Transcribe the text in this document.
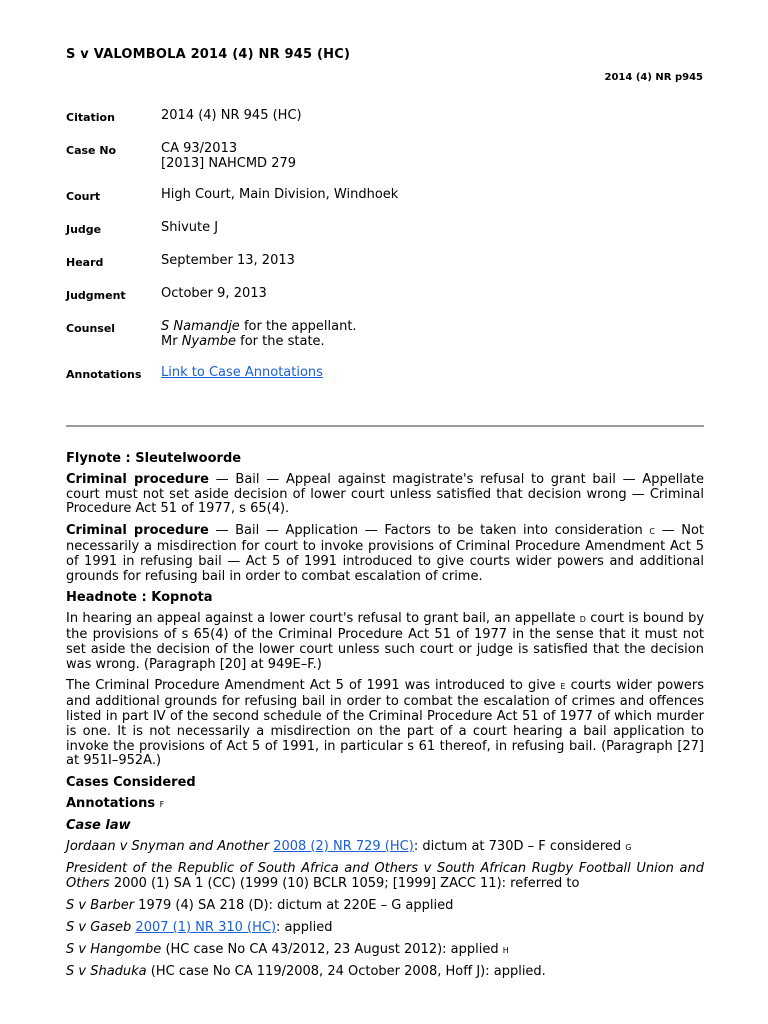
S v VALOMBOLA 2014 (4) NR 945 (HC)
2014 (4) NR p945
Citation	2014 (4) NR 945 (HC)
Case No	CA 93/2013
[2013] NAHCMD 279
Court	High Court, Main Division, Windhoek
Judge	Shivute J
Heard	September 13, 2013
Judgment	October 9, 2013
Counsel	S Namandje for the appellant.
Mr Nyambe for the state.
Annotations	Link to Case Annotations
Flynote : Sleutelwoorde

Criminal procedure — Bail — Appeal against magistrate's refusal to grant bail — Appellate court must not set aside decision of lower court unless satisfied that decision wrong — Criminal Procedure Act 51 of 1977, s 65(4).

Criminal procedure — Bail — Application — Factors to be taken into consideration C — Not necessarily a misdirection for court to invoke provisions of Criminal Procedure Amendment Act 5 of 1991 in refusing bail — Act 5 of 1991 introduced to give courts wider powers and additional grounds for refusing bail in order to combat escalation of crime.

Headnote : Kopnota

In hearing an appeal against a lower court's refusal to grant bail, an appellate D court is bound by the provisions of s 65(4) of the Criminal Procedure Act 51 of 1977 in the sense that it must not set aside the decision of the lower court unless such court or judge is satisfied that the decision was wrong. (Paragraph [20] at 949E–F.)

The Criminal Procedure Amendment Act 5 of 1991 was introduced to give E courts wider powers and additional grounds for refusing bail in order to combat the escalation of crimes and offences listed in part IV of the second schedule of the Criminal Procedure Act 51 of 1977 of which murder is one. It is not necessarily a misdirection on the part of a court hearing a bail application to invoke the provisions of Act 5 of 1991, in particular s 61 thereof, in refusing bail. (Paragraph [27] at 951I–952A.)

Cases Considered
Annotations F
Case law

Jordaan v Snyman and Another 2008 (2) NR 729 (HC): dictum at 730D – F considered G

President of the Republic of South Africa and Others v South African Rugby Football Union and Others 2000 (1) SA 1 (CC) (1999 (10) BCLR 1059; [1999] ZACC 11): referred to

S v Barber 1979 (4) SA 218 (D): dictum at 220E – G applied

S v Gaseb 2007 (1) NR 310 (HC): applied

S v Hangombe (HC case No CA 43/2012, 23 August 2012): applied H

S v Shaduka (HC case No CA 119/2008, 24 October 2008, Hoff J): applied.
